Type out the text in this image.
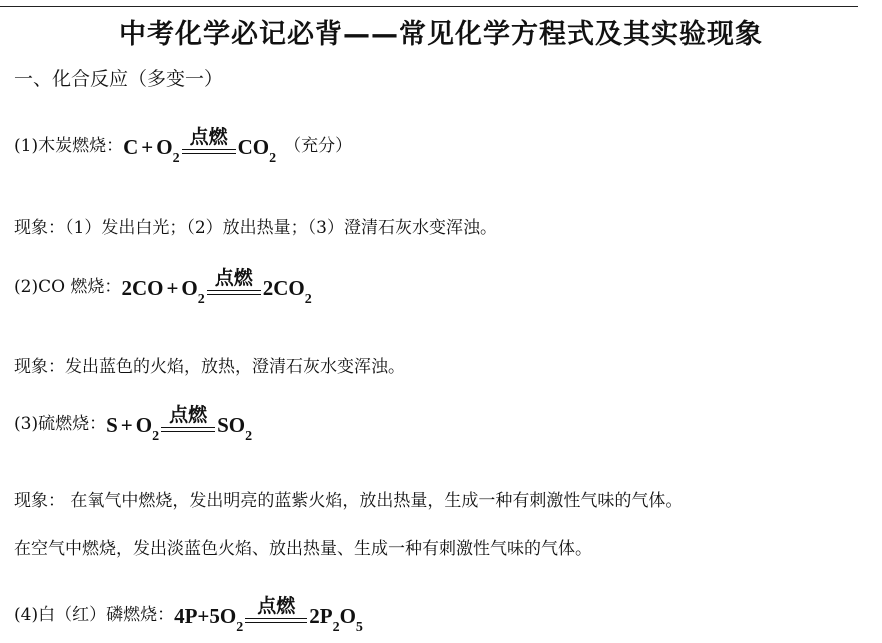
中考化学必记必背——常见化学方程式及其实验现象
一、化合反应（多变一）
(1)木炭燃烧： C + O 2
点燃 CO 2
（充分）
现象：（1）发出白光；（2）放出热量；（3）澄清石灰水变浑浊。
(2)CO 燃烧： 2CO + O 2
点燃 2CO 2
现象：发出蓝色的火焰，放热，澄清石灰水变浑浊。
(3)硫燃烧： S + O 2
点燃 SO 2
现象： 在氧气中燃烧，发出明亮的蓝紫火焰，放出热量，生成一种有刺激性气味的气体。
在空气中燃烧，发出淡蓝色火焰、放出热量、生成一种有刺激性气味的气体。
(4)白（红）磷燃烧： 4P+5O 2
点燃 2P 2 O 5
